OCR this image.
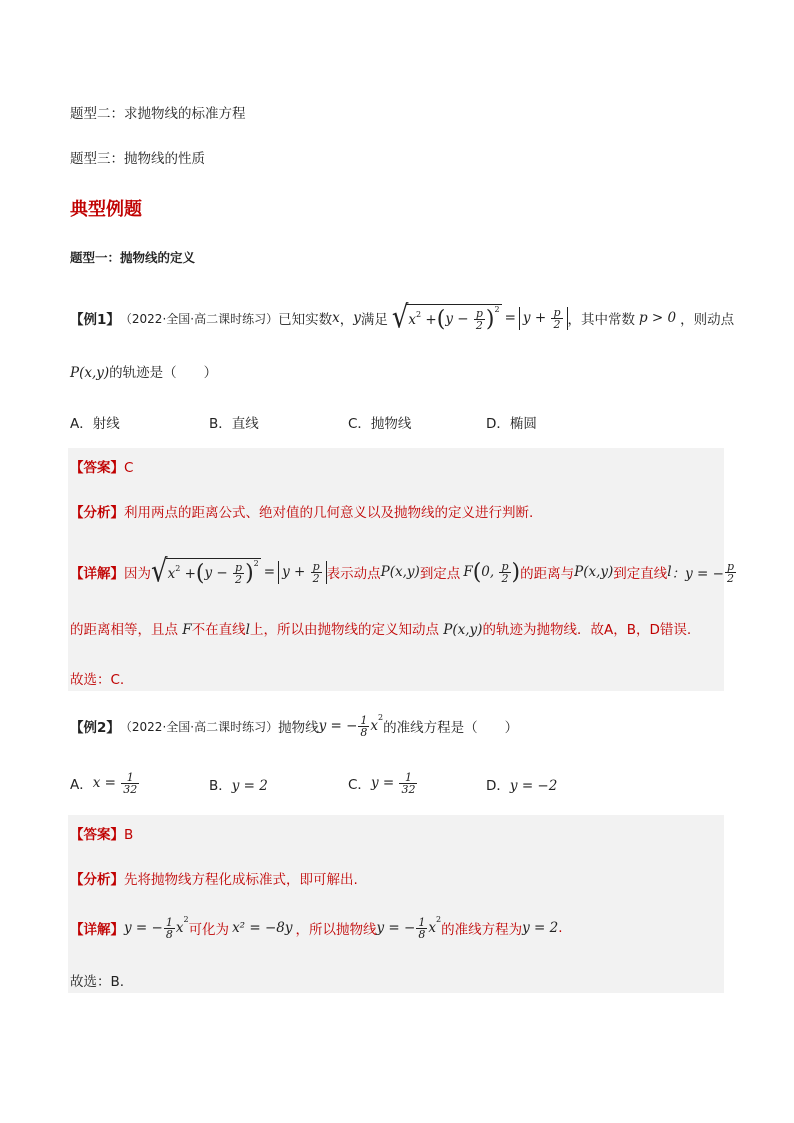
题型二：求抛物线的标准方程
题型三：抛物线的性质
典型例题
题型一：抛物线的定义
【例1】 （2022·全国·高二课时练习） 已知实数 x ， y 满足 $√x^2 +(y - \frac{p}{2} )^2 = y + \frac{p}{2}$ ，其中常数 p > 0 ，则动点
P(x,y)的轨迹是（　　）
A．射线	B．直线	C．抛物线	D．椭圆
【答案】C
【分析】利用两点的距离公式、绝对值的几何意义以及抛物线的定义进行判断.
【详解】 因为 $√x^2 +(y - \frac{p}{2} )^2 = y + \frac{p}{2}$ 表示动点 P(x,y) 到定点 F (0, $\frac{p}{2}$ ) 的距离与 P(x,y) 到定直线 l ：y = − $\frac{p}{2}$
的距离相等，且点 F不在直线l上，所以由抛物线的定义知动点 P(x,y)的轨迹为抛物线．故A，B，D错误.
故选：C.
【例2】 （2022·全国·高二课时练习） 抛物线 y = − $\frac{1}{8} x^2$
的准线方程是（　　）
A． $x = \frac{1}{32}$	B．y = 2	C． $y = \frac{1}{32}$	D．y = −2
【答案】B
【分析】先将抛物线方程化成标准式，即可解出.
【详解】 y = − $\frac{1}{8} x^2$
可化为 x² = −8y ，所以抛物线 y = − $\frac{1}{8} x^2$
的准线方程为 y = 2 .
故选：B.
